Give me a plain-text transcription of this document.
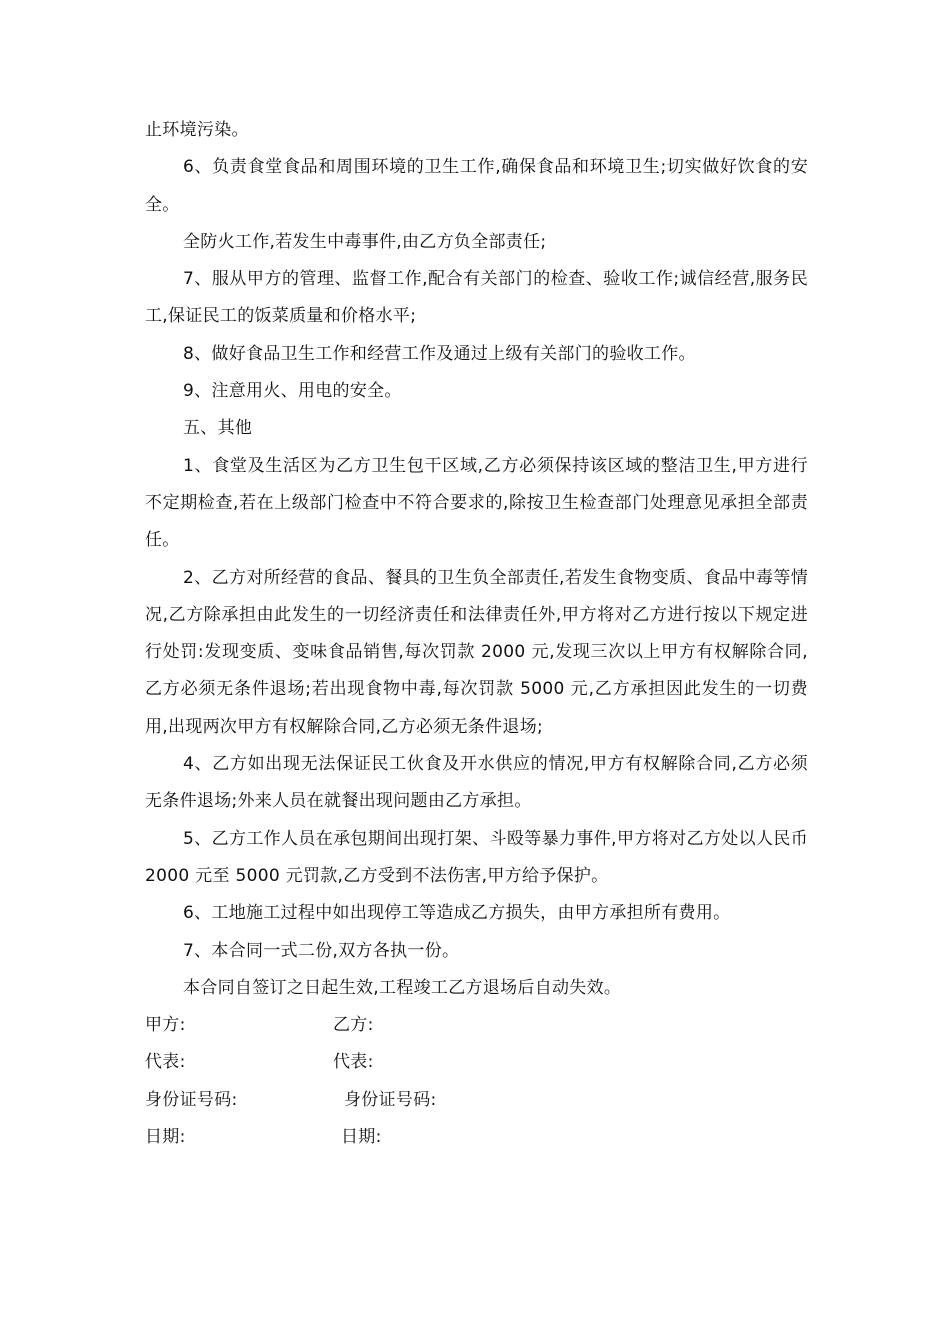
止环境污染。

6、负责食堂食品和周围环境的卫生工作,确保食品和环境卫生;切实做好饮食的安全。

全防火工作,若发生中毒事件,由乙方负全部责任;

7、服从甲方的管理、监督工作,配合有关部门的检查、验收工作;诚信经营,服务民工,保证民工的饭菜质量和价格水平;

8、做好食品卫生工作和经营工作及通过上级有关部门的验收工作。

9、注意用火、用电的安全。

五、其他

1、食堂及生活区为乙方卫生包干区域,乙方必须保持该区域的整洁卫生,甲方进行不定期检查,若在上级部门检查中不符合要求的,除按卫生检查部门处理意见承担全部责任。

2、乙方对所经营的食品、餐具的卫生负全部责任,若发生食物变质、食品中毒等情况,乙方除承担由此发生的一切经济责任和法律责任外,甲方将对乙方进行按以下规定进行处罚:发现变质、变味食品销售,每次罚款 2000 元,发现三次以上甲方有权解除合同,乙方必须无条件退场;若出现食物中毒,每次罚款 5000 元,乙方承担因此发生的一切费用,出现两次甲方有权解除合同,乙方必须无条件退场;

4、乙方如出现无法保证民工伙食及开水供应的情况,甲方有权解除合同,乙方必须无条件退场;外来人员在就餐出现问题由乙方承担。

5、乙方工作人员在承包期间出现打架、斗殴等暴力事件,甲方将对乙方处以人民币 2000 元至 5000 元罚款,乙方受到不法伤害,甲方给予保护。

6、工地施工过程中如出现停工等造成乙方损失，由甲方承担所有费用。

7、本合同一式二份,双方各执一份。

本合同自签订之日起生效,工程竣工乙方退场后自动失效。

甲方:	乙方:
代表:	代表:
身份证号码:	身份证号码:
日期:	日期:
